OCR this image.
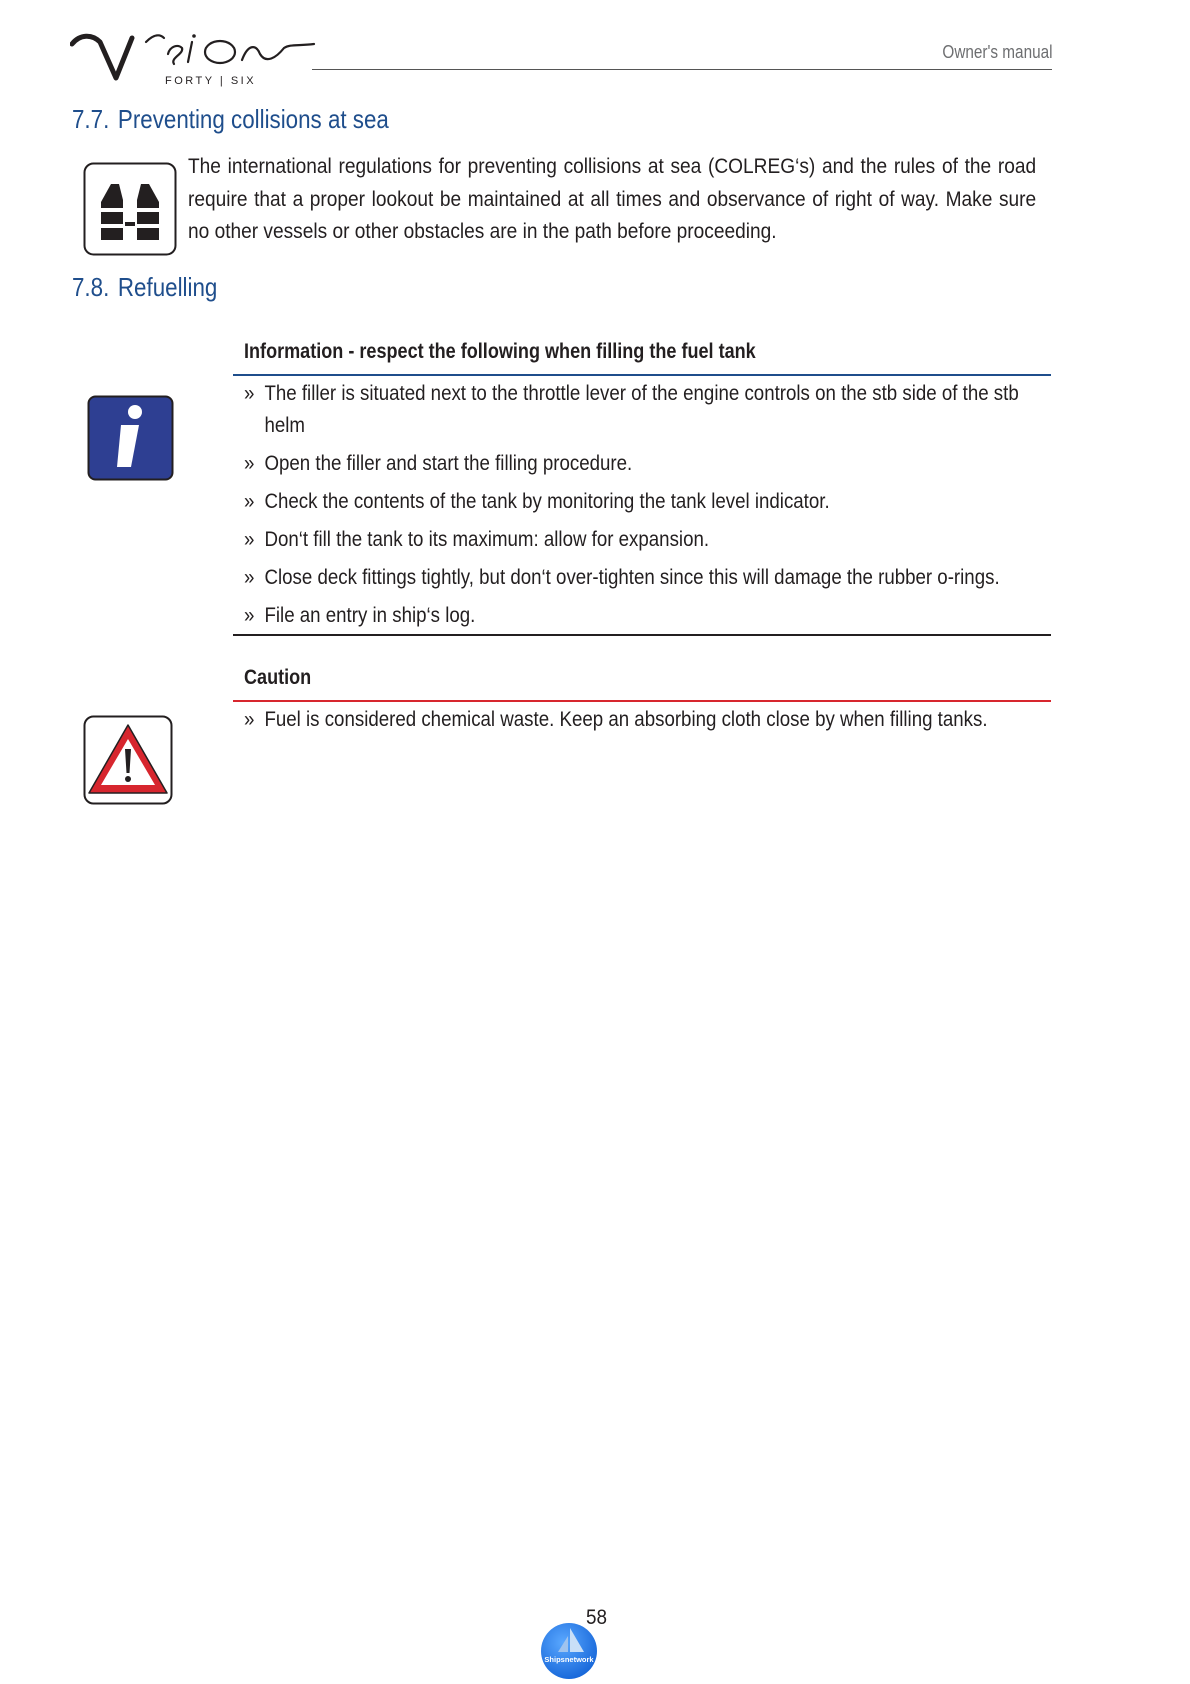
FORTY | SIX
Owner's manual
7.7. Preventing collisions at sea
The international regulations for preventing collisions at sea (COLREG‘s) and the rules of the road require that a proper lookout be maintained at all times and observance of right of way. Make sure no other vessels or other obstacles are in the path before proceeding.
7.8. Refuelling
Information - respect the following when filling the fuel tank
» The filler is situated next to the throttle lever of the engine controls on the stb side of the stb helm
» Open the filler and start the filling procedure.
» Check the contents of the tank by monitoring the tank level indicator.
» Don‘t fill the tank to its maximum: allow for expansion.
» Close deck fittings tightly, but don‘t over-tighten since this will damage the rubber o-rings.
» File an entry in ship‘s log.
Caution
» Fuel is considered chemical waste. Keep an absorbing cloth close by when filling tanks.
58
Shipsnetwork
